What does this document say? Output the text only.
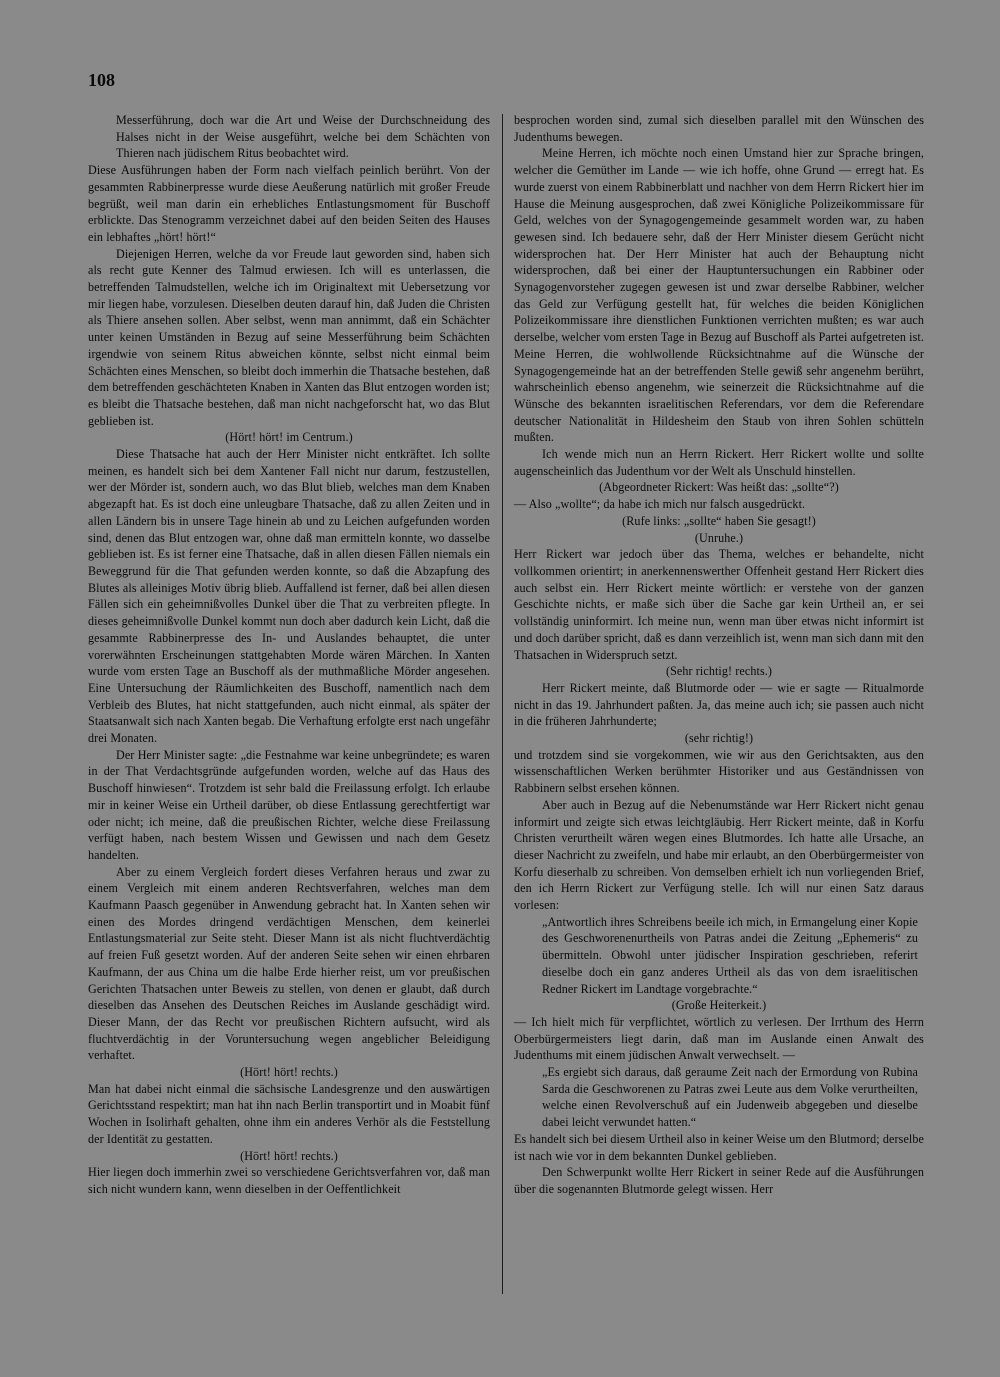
108

Messerführung, doch war die Art und Weise der Durchschneidung des Halses nicht in der Weise ausgeführt, welche bei dem Schächten von Thieren nach jüdischem Ritus beobachtet wird.

Diese Ausführungen haben der Form nach vielfach peinlich berührt. Von der gesammten Rabbinerpresse wurde diese Aeußerung natürlich mit großer Freude begrüßt, weil man darin ein erhebliches Entlastungsmoment für Buschoff erblickte. Das Stenogramm verzeichnet dabei auf den beiden Seiten des Hauses ein lebhaftes „hört! hört!“

Diejenigen Herren, welche da vor Freude laut geworden sind, haben sich als recht gute Kenner des Talmud erwiesen. Ich will es unterlassen, die betreffenden Talmudstellen, welche ich im Originaltext mit Uebersetzung vor mir liegen habe, vorzulesen. Dieselben deuten darauf hin, daß Juden die Christen als Thiere ansehen sollen. Aber selbst, wenn man annimmt, daß ein Schächter unter keinen Umständen in Bezug auf seine Messerführung beim Schächten irgendwie von seinem Ritus abweichen könnte, selbst nicht einmal beim Schächten eines Menschen, so bleibt doch immerhin die Thatsache bestehen, daß dem betreffenden geschächteten Knaben in Xanten das Blut entzogen worden ist; es bleibt die Thatsache bestehen, daß man nicht nachgeforscht hat, wo das Blut geblieben ist.

(Hört! hört! im Centrum.)

Diese Thatsache hat auch der Herr Minister nicht entkräftet. Ich sollte meinen, es handelt sich bei dem Xantener Fall nicht nur darum, festzustellen, wer der Mörder ist, sondern auch, wo das Blut blieb, welches man dem Knaben abgezapft hat. Es ist doch eine unleugbare Thatsache, daß zu allen Zeiten und in allen Ländern bis in unsere Tage hinein ab und zu Leichen aufgefunden worden sind, denen das Blut entzogen war, ohne daß man ermitteln konnte, wo dasselbe geblieben ist. Es ist ferner eine Thatsache, daß in allen diesen Fällen niemals ein Beweggrund für die That gefunden werden konnte, so daß die Abzapfung des Blutes als alleiniges Motiv übrig blieb. Auffallend ist ferner, daß bei allen diesen Fällen sich ein geheimnißvolles Dunkel über die That zu verbreiten pflegte. In dieses geheimnißvolle Dunkel kommt nun doch aber dadurch kein Licht, daß die gesammte Rabbinerpresse des In- und Auslandes behauptet, die unter vorerwähnten Erscheinungen stattgehabten Morde wären Märchen. In Xanten wurde vom ersten Tage an Buschoff als der muthmaßliche Mörder angesehen. Eine Untersuchung der Räumlichkeiten des Buschoff, namentlich nach dem Verbleib des Blutes, hat nicht stattgefunden, auch nicht einmal, als später der Staatsanwalt sich nach Xanten begab. Die Verhaftung erfolgte erst nach ungefähr drei Monaten.

Der Herr Minister sagte: „die Festnahme war keine unbegründete; es waren in der That Verdachtsgründe aufgefunden worden, welche auf das Haus des Buschoff hinwiesen“. Trotzdem ist sehr bald die Freilassung erfolgt. Ich erlaube mir in keiner Weise ein Urtheil darüber, ob diese Entlassung gerechtfertigt war oder nicht; ich meine, daß die preußischen Richter, welche diese Freilassung verfügt haben, nach bestem Wissen und Gewissen und nach dem Gesetz handelten.

Aber zu einem Vergleich fordert dieses Verfahren heraus und zwar zu einem Vergleich mit einem anderen Rechtsverfahren, welches man dem Kaufmann Paasch gegenüber in Anwendung gebracht hat. In Xanten sehen wir einen des Mordes dringend verdächtigen Menschen, dem keinerlei Entlastungsmaterial zur Seite steht. Dieser Mann ist als nicht fluchtverdächtig auf freien Fuß gesetzt worden. Auf der anderen Seite sehen wir einen ehrbaren Kaufmann, der aus China um die halbe Erde hierher reist, um vor preußischen Gerichten Thatsachen unter Beweis zu stellen, von denen er glaubt, daß durch dieselben das Ansehen des Deutschen Reiches im Auslande geschädigt wird. Dieser Mann, der das Recht vor preußischen Richtern aufsucht, wird als fluchtverdächtig in der Voruntersuchung wegen angeblicher Beleidigung verhaftet.

(Hört! hört! rechts.)

Man hat dabei nicht einmal die sächsische Landesgrenze und den auswärtigen Gerichtsstand respektirt; man hat ihn nach Berlin transportirt und in Moabit fünf Wochen in Isolirhaft gehalten, ohne ihm ein anderes Verhör als die Feststellung der Identität zu gestatten.

(Hört! hört! rechts.)

Hier liegen doch immerhin zwei so verschiedene Gerichtsverfahren vor, daß man sich nicht wundern kann, wenn dieselben in der Oeffentlichkeit

besprochen worden sind, zumal sich dieselben parallel mit den Wünschen des Judenthums bewegen.

Meine Herren, ich möchte noch einen Umstand hier zur Sprache bringen, welcher die Gemüther im Lande — wie ich hoffe, ohne Grund — erregt hat. Es wurde zuerst von einem Rabbinerblatt und nachher von dem Herrn Rickert hier im Hause die Meinung ausgesprochen, daß zwei Königliche Polizeikommissare für Geld, welches von der Synagogengemeinde gesammelt worden war, zu haben gewesen sind. Ich bedauere sehr, daß der Herr Minister diesem Gerücht nicht widersprochen hat. Der Herr Minister hat auch der Behauptung nicht widersprochen, daß bei einer der Hauptuntersuchungen ein Rabbiner oder Synagogenvorsteher zugegen gewesen ist und zwar derselbe Rabbiner, welcher das Geld zur Verfügung gestellt hat, für welches die beiden Königlichen Polizeikommissare ihre dienstlichen Funktionen verrichten mußten; es war auch derselbe, welcher vom ersten Tage in Bezug auf Buschoff als Partei aufgetreten ist. Meine Herren, die wohlwollende Rücksichtnahme auf die Wünsche der Synagogengemeinde hat an der betreffenden Stelle gewiß sehr angenehm berührt, wahrscheinlich ebenso angenehm, wie seinerzeit die Rücksichtnahme auf die Wünsche des bekannten israelitischen Referendars, vor dem die Referendare deutscher Nationalität in Hildesheim den Staub von ihren Sohlen schütteln mußten.

Ich wende mich nun an Herrn Rickert. Herr Rickert wollte und sollte augenscheinlich das Judenthum vor der Welt als Unschuld hinstellen.

(Abgeordneter Rickert: Was heißt das: „sollte“?)

— Also „wollte“; da habe ich mich nur falsch ausgedrückt.

(Rufe links: „sollte“ haben Sie gesagt!)

(Unruhe.)

Herr Rickert war jedoch über das Thema, welches er behandelte, nicht vollkommen orientirt; in anerkennenswerther Offenheit gestand Herr Rickert dies auch selbst ein. Herr Rickert meinte wörtlich: er verstehe von der ganzen Geschichte nichts, er maße sich über die Sache gar kein Urtheil an, er sei vollständig uninformirt. Ich meine nun, wenn man über etwas nicht informirt ist und doch darüber spricht, daß es dann verzeihlich ist, wenn man sich dann mit den Thatsachen in Widerspruch setzt.

(Sehr richtig! rechts.)

Herr Rickert meinte, daß Blutmorde oder — wie er sagte — Ritualmorde nicht in das 19. Jahrhundert paßten. Ja, das meine auch ich; sie passen auch nicht in die früheren Jahrhunderte;

(sehr richtig!)

und trotzdem sind sie vorgekommen, wie wir aus den Gerichtsakten, aus den wissenschaftlichen Werken berühmter Historiker und aus Geständnissen von Rabbinern selbst ersehen können.

Aber auch in Bezug auf die Nebenumstände war Herr Rickert nicht genau informirt und zeigte sich etwas leichtgläubig. Herr Rickert meinte, daß in Korfu Christen verurtheilt wären wegen eines Blutmordes. Ich hatte alle Ursache, an dieser Nachricht zu zweifeln, und habe mir erlaubt, an den Oberbürgermeister von Korfu dieserhalb zu schreiben. Von demselben erhielt ich nun vorliegenden Brief, den ich Herrn Rickert zur Verfügung stelle. Ich will nur einen Satz daraus vorlesen:

„Antwortlich ihres Schreibens beeile ich mich, in Ermangelung einer Kopie des Geschworenenurtheils von Patras andei die Zeitung „Ephemeris“ zu übermitteln. Obwohl unter jüdischer Inspiration geschrieben, referirt dieselbe doch ein ganz anderes Urtheil als das von dem israelitischen Redner Rickert im Landtage vorgebrachte.“

(Große Heiterkeit.)

— Ich hielt mich für verpflichtet, wörtlich zu verlesen. Der Irrthum des Herrn Oberbürgermeisters liegt darin, daß man im Auslande einen Anwalt des Judenthums mit einem jüdischen Anwalt verwechselt. —

„Es ergiebt sich daraus, daß geraume Zeit nach der Ermordung von Rubina Sarda die Geschworenen zu Patras zwei Leute aus dem Volke verurtheilten, welche einen Revolverschuß auf ein Judenweib abgegeben und dieselbe dabei leicht verwundet hatten.“

Es handelt sich bei diesem Urtheil also in keiner Weise um den Blutmord; derselbe ist nach wie vor in dem bekannten Dunkel geblieben.

Den Schwerpunkt wollte Herr Rickert in seiner Rede auf die Ausführungen über die sogenannten Blutmorde gelegt wissen. Herr
